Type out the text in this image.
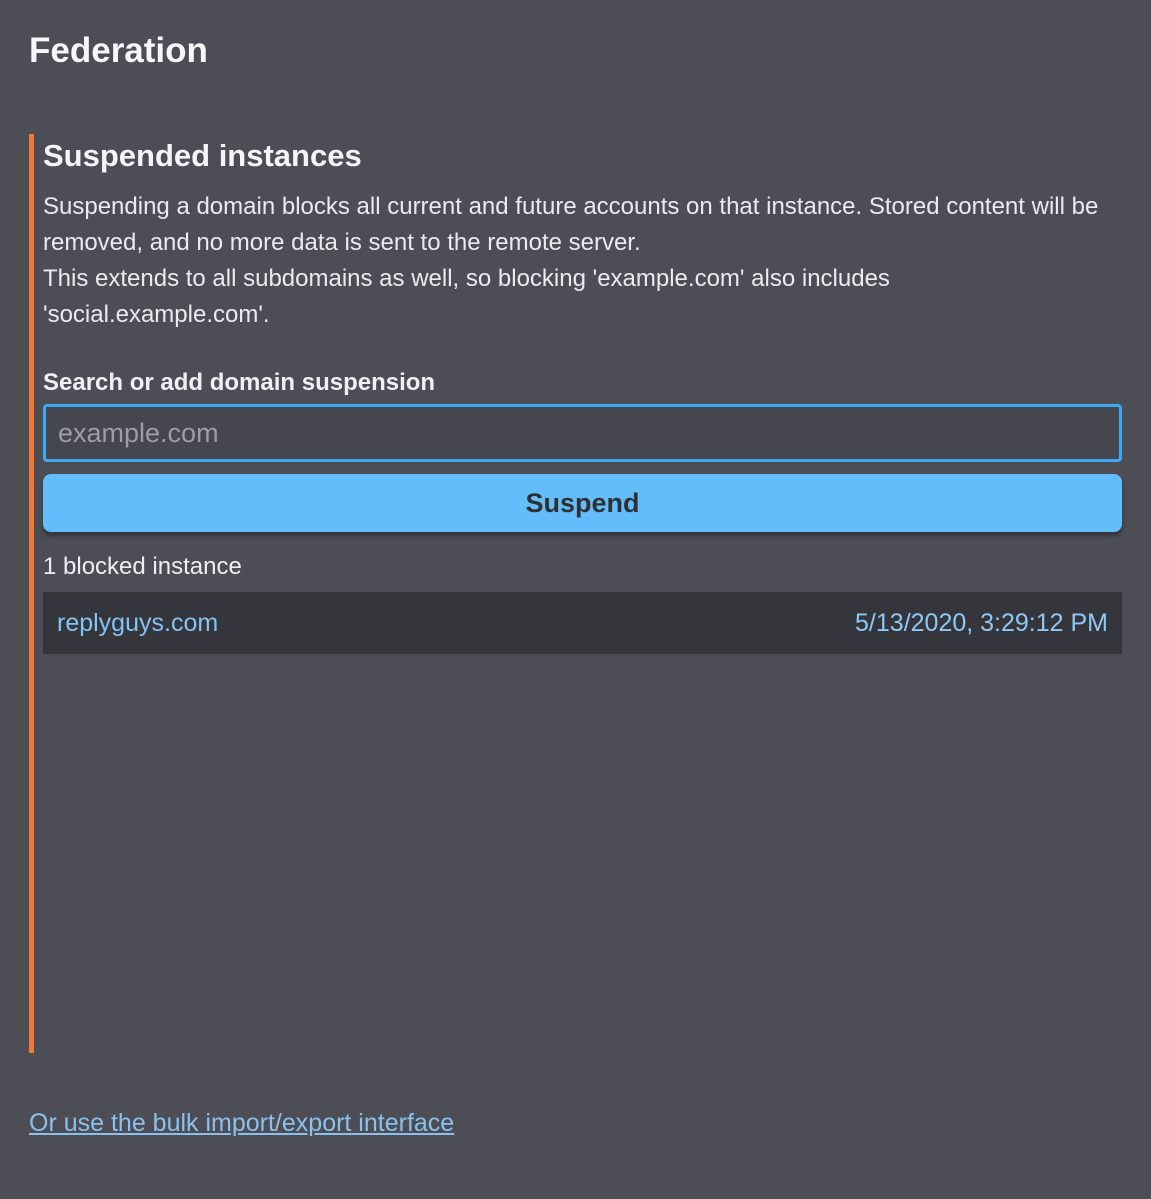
Federation
Suspended instances

Suspending a domain blocks all current and future accounts on that instance. Stored content will be removed, and no more data is sent to the remote server.

This extends to all subdomains as well, so blocking 'example.com' also includes 'social.example.com'.

Search or add domain suspension
example.com
Suspend
1 blocked instance
replyguys.com	5/13/2020, 3:29:12 PM
Or use the bulk import/export interface
